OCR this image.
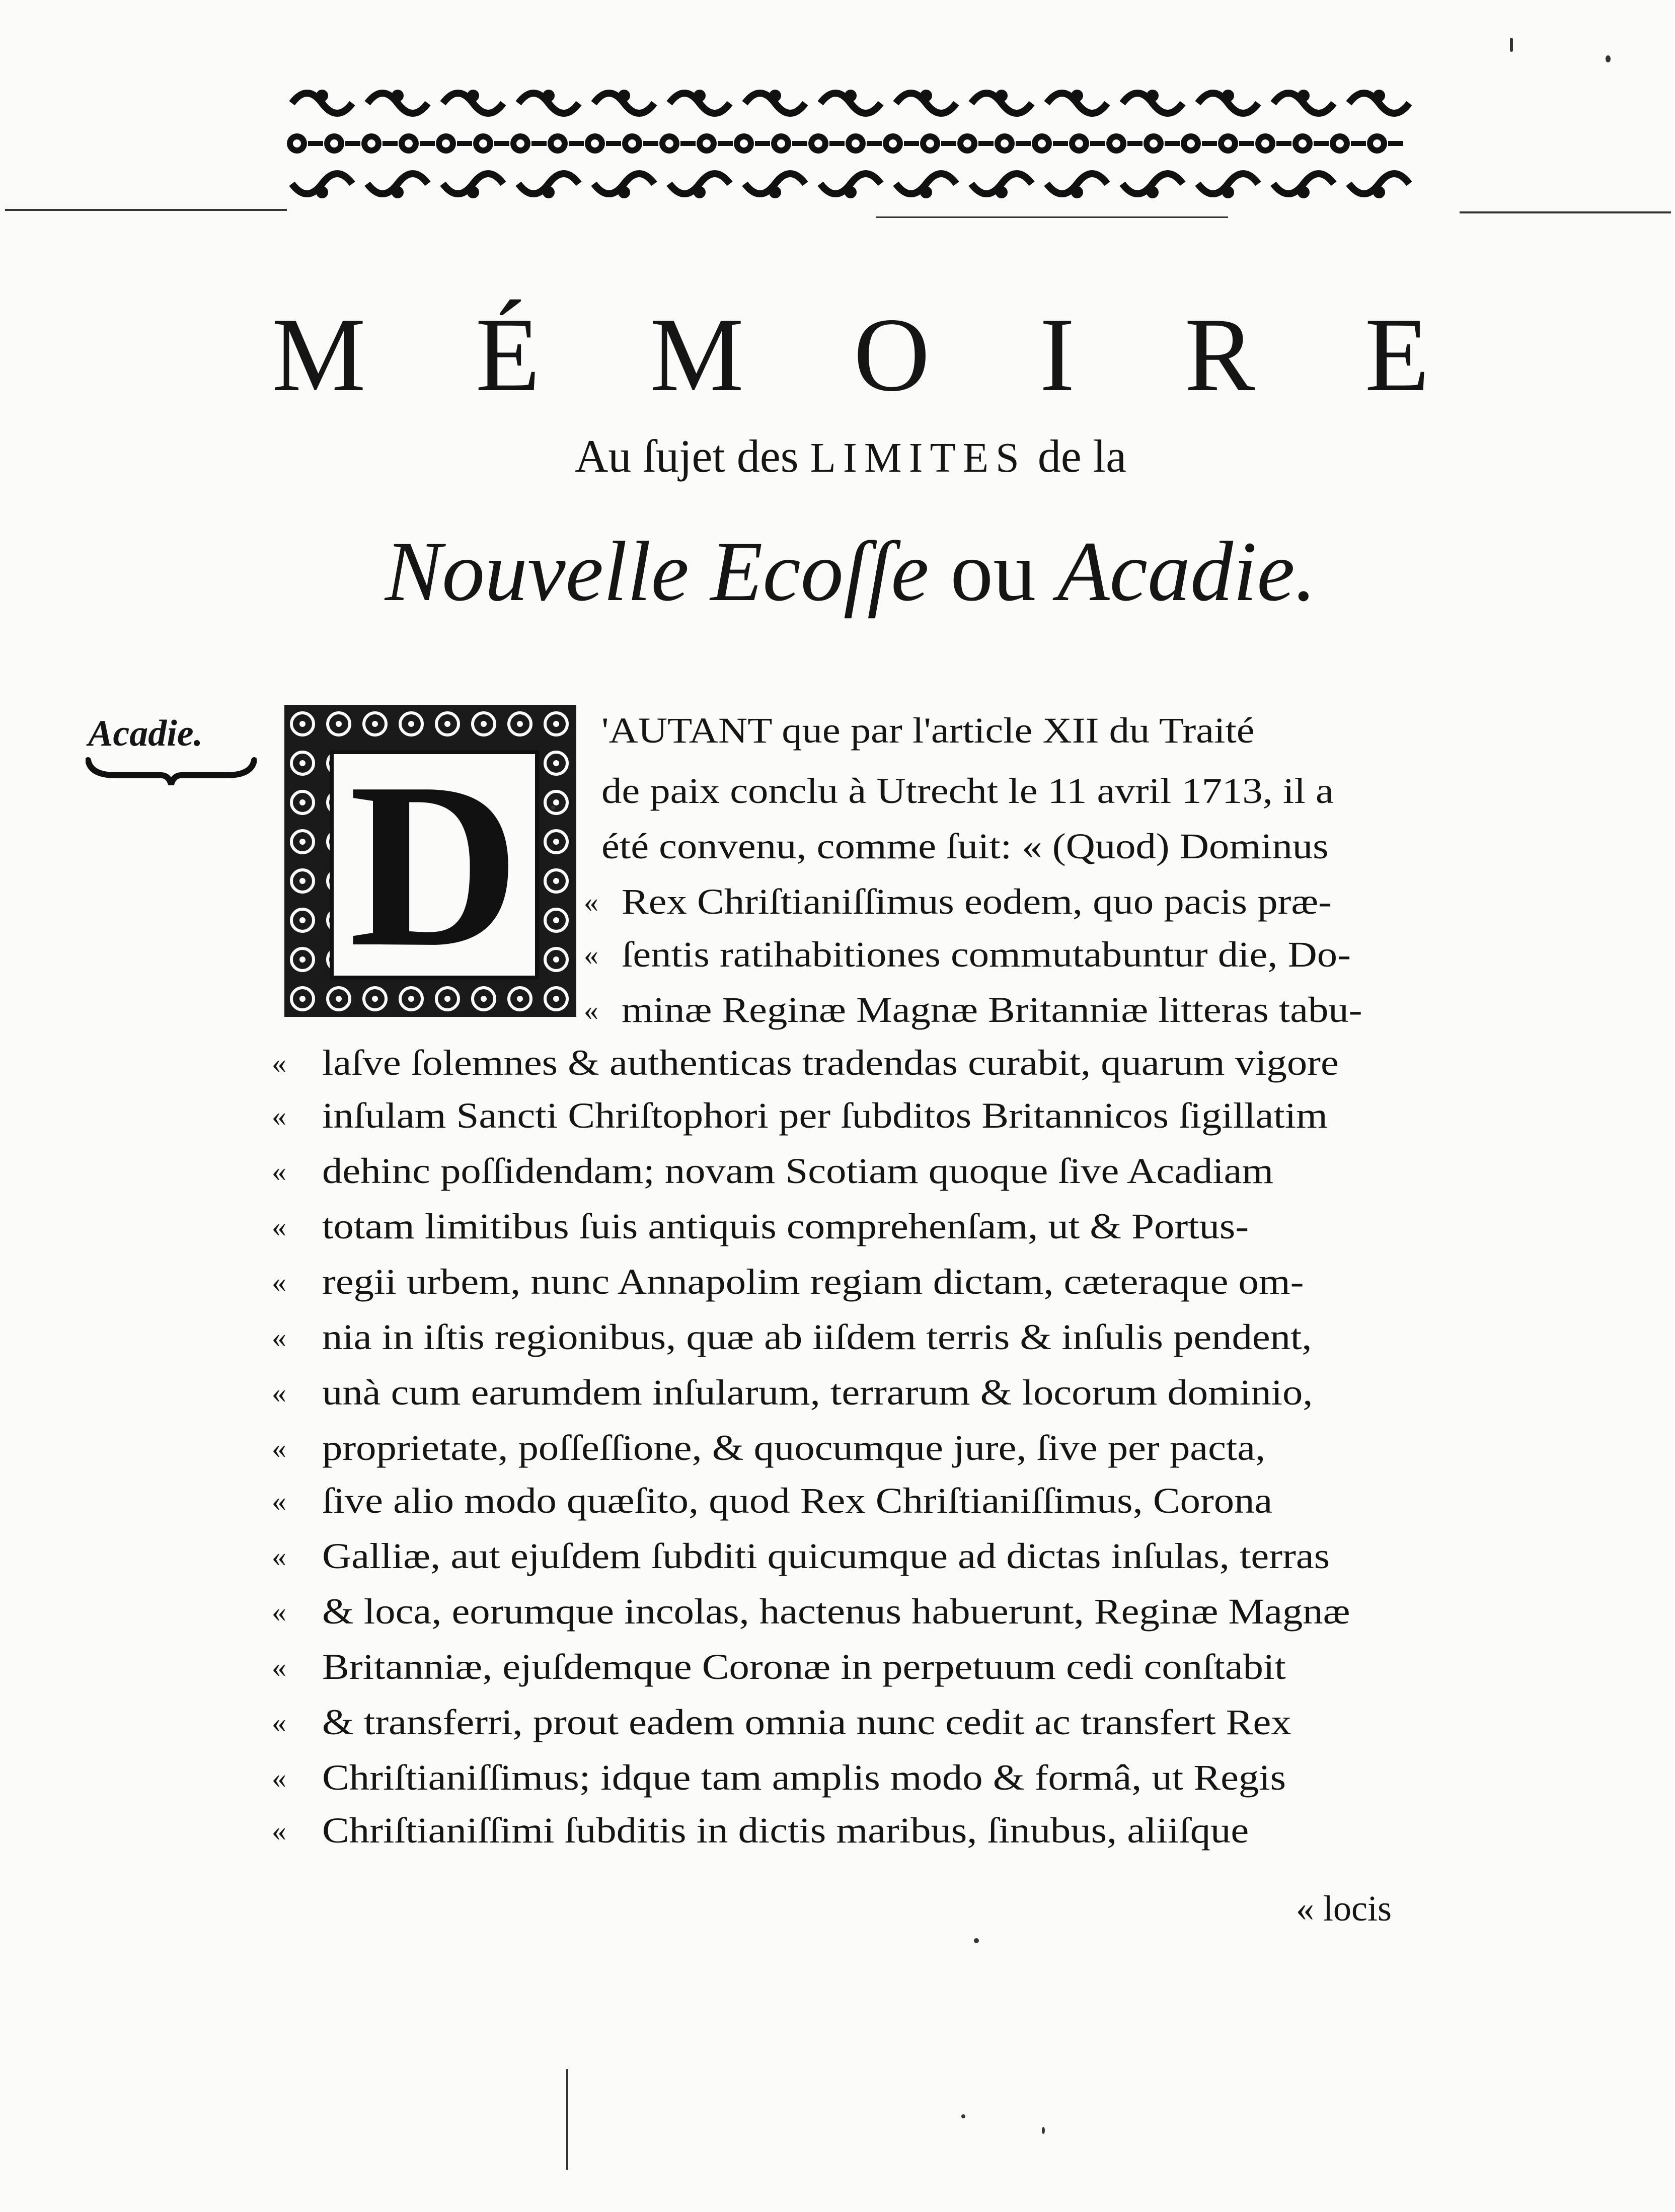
M É M O I R E
Au ſujet des LIMITES de la
Nouvelle Ecoſſe ou Acadie.
Acadie. D
'AUTANT que par l'article XII du Traité
de paix conclu à Utrecht le 11 avril 1713, il a
été convenu, comme ſuit: « (Quod) Dominus
« Rex Chriſtianiſſimus eodem, quo pacis præ-
« ſentis ratihabitiones commutabuntur die, Do-
« minæ Reginæ Magnæ Britanniæ litteras tabu-
« laſve ſolemnes & authenticas tradendas curabit, quarum vigore
« inſulam Sancti Chriſtophori per ſubditos Britannicos ſigillatim
« dehinc poſſidendam; novam Scotiam quoque ſive Acadiam
« totam limitibus ſuis antiquis comprehenſam, ut & Portus-
« regii urbem, nunc Annapolim regiam dictam, cæteraque om-
« nia in iſtis regionibus, quæ ab iiſdem terris & inſulis pendent,
« unà cum earumdem inſularum, terrarum & locorum dominio,
« proprietate, poſſeſſione, & quocumque jure, ſive per pacta,
« ſive alio modo quæſito, quod Rex Chriſtianiſſimus, Corona
« Galliæ, aut ejuſdem ſubditi quicumque ad dictas inſulas, terras
« & loca, eorumque incolas, hactenus habuerunt, Reginæ Magnæ
« Britanniæ, ejuſdemque Coronæ in perpetuum cedi conſtabit
« & transferri, prout eadem omnia nunc cedit ac transfert Rex
« Chriſtianiſſimus; idque tam amplis modo & formâ, ut Regis
« Chriſtianiſſimi ſubditis in dictis maribus, ſinubus, aliiſque
« locis
